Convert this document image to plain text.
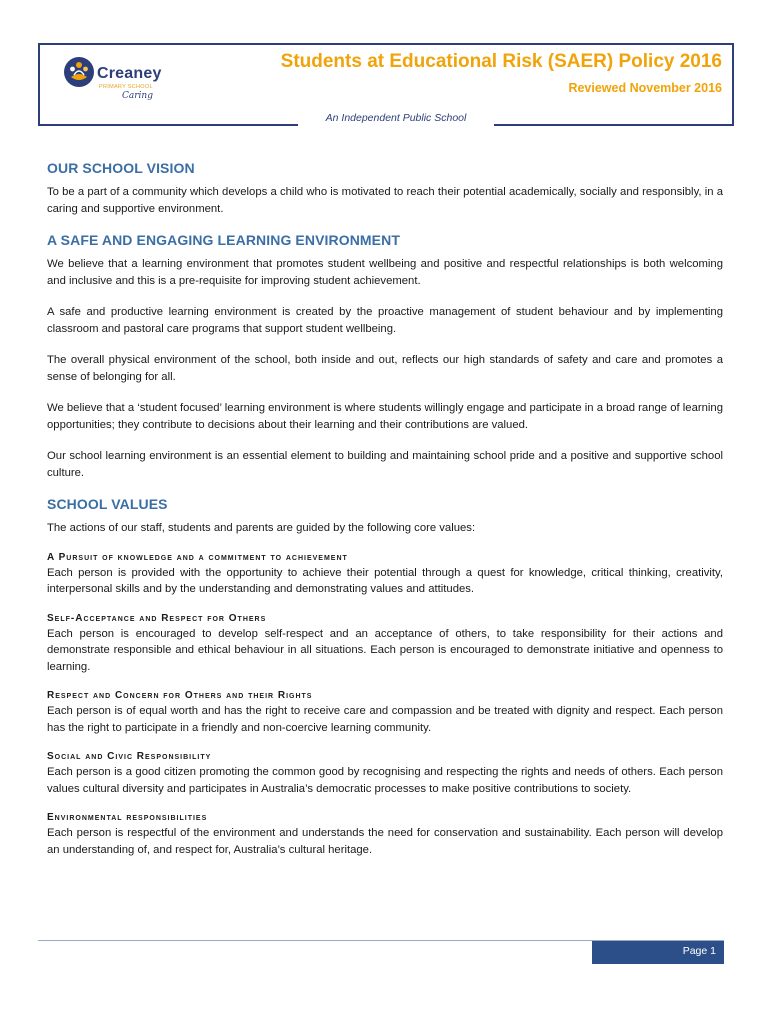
Creaney
PRIMARY SCHOOL
Caring
Students at Educational Risk (SAER) Policy 2016
Reviewed November 2016
An Independent Public School
OUR SCHOOL VISION

To be a part of a community which develops a child who is motivated to reach their potential academically, socially and responsibly, in a caring and supportive environment.

A SAFE AND ENGAGING LEARNING ENVIRONMENT

We believe that a learning environment that promotes student wellbeing and positive and respectful relationships is both welcoming and inclusive and this is a pre-requisite for improving student achievement.

A safe and productive learning environment is created by the proactive management of student behaviour and by implementing classroom and pastoral care programs that support student wellbeing.

The overall physical environment of the school, both inside and out, reflects our high standards of safety and care and promotes a sense of belonging for all.

We believe that a ‘student focused’ learning environment is where students willingly engage and participate in a broad range of learning opportunities; they contribute to decisions about their learning and their contributions are valued.

Our school learning environment is an essential element to building and maintaining school pride and a positive and supportive school culture.

SCHOOL VALUES

The actions of our staff, students and parents are guided by the following core values:

A Pursuit of knowledge and a commitment to achievement

Each person is provided with the opportunity to achieve their potential through a quest for knowledge, critical thinking, creativity, interpersonal skills and by the understanding and demonstrating values and attitudes.

Self-Acceptance and Respect for Others

Each person is encouraged to develop self-respect and an acceptance of others, to take responsibility for their actions and demonstrate responsible and ethical behaviour in all situations. Each person is encouraged to demonstrate initiative and openness to learning.

Respect and Concern for Others and their Rights

Each person is of equal worth and has the right to receive care and compassion and be treated with dignity and respect. Each person has the right to participate in a friendly and non-coercive learning community.

Social and Civic Responsibility

Each person is a good citizen promoting the common good by recognising and respecting the rights and needs of others. Each person values cultural diversity and participates in Australia’s democratic processes to make positive contributions to society.

Environmental responsibilities

Each person is respectful of the environment and understands the need for conservation and sustainability. Each person will develop an understanding of, and respect for, Australia’s cultural heritage.

Page 1
